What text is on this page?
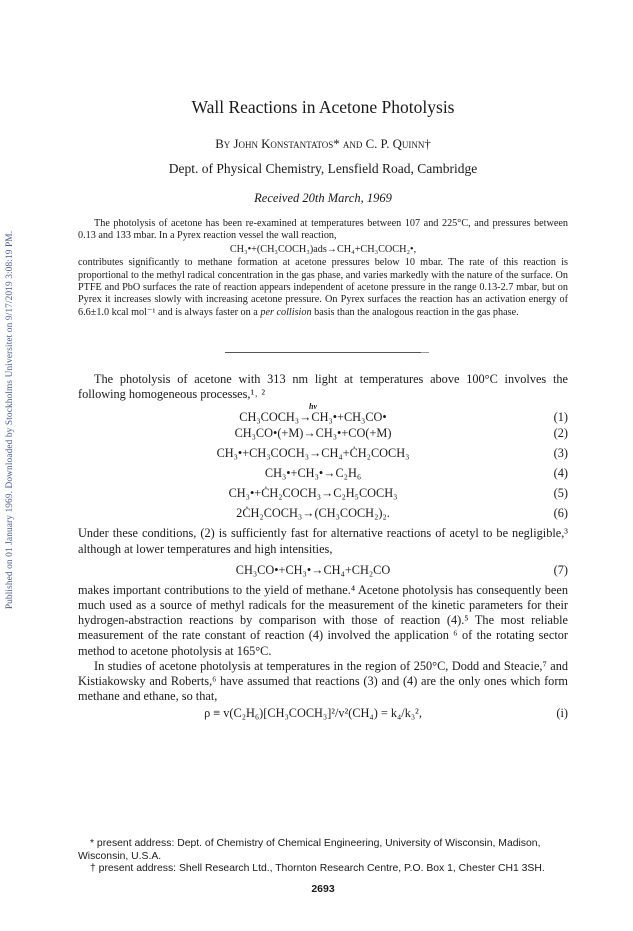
Published on 01 January 1969. Downloaded by Stockholms Universitet on 9/17/2019 3:08:19 PM.
Wall Reactions in Acetone Photolysis
By John Konstantatos* and C. P. Quinn†
Dept. of Physical Chemistry, Lensfield Road, Cambridge
Received 20th March, 1969

The photolysis of acetone has been re-examined at temperatures between 107 and 225°C, and pressures between 0.13 and 133 mbar. In a Pyrex reaction vessel the wall reaction,

CH₃•+(CH₃COCH₃)ads→CH₄+CH₃COCH₂•,

contributes significantly to methane formation at acetone pressures below 10 mbar. The rate of this reaction is proportional to the methyl radical concentration in the gas phase, and varies markedly with the nature of the surface. On PTFE and PbO surfaces the rate of reaction appears independent of acetone pressure in the range 0.13-2.7 mbar, but on Pyrex it increases slowly with increasing acetone pressure. On Pyrex surfaces the reaction has an activation energy of 6.6±1.0 kcal mol⁻¹ and is always faster on a per collision basis than the analogous reaction in the gas phase.

The photolysis of acetone with 313 nm light at temperatures above 100°C involves the following homogeneous processes,¹˒ ²

hν
CH₃COCH₃→CH₃•+CH₃CO•	(1)
CH₃CO•(+M)→CH₃•+CO(+M)	(2)
CH₃•+CH₃COCH₃→CH₄+ĊH₂COCH₃	(3)
CH₃•+CH₃•→C₂H₆	(4)
CH₃•+ĊH₂COCH₃→C₂H₅COCH₃	(5)
2ĊH₂COCH₃→(CH₃COCH₂)₂.	(6)

Under these conditions, (2) is sufficiently fast for alternative reactions of acetyl to be negligible,³ although at lower temperatures and high intensities,

CH₃CO•+CH₃•→CH₄+CH₂CO	(7)

makes important contributions to the yield of methane.⁴ Acetone photolysis has consequently been much used as a source of methyl radicals for the measurement of the kinetic parameters for their hydrogen-abstraction reactions by comparison with those of reaction (4).⁵ The most reliable measurement of the rate constant of reaction (4) involved the application ⁶ of the rotating sector method to acetone photolysis at 165°C.

In studies of acetone photolysis at temperatures in the region of 250°C, Dodd and Steacie,⁷ and Kistiakowsky and Roberts,⁶ have assumed that reactions (3) and (4) are the only ones which form methane and ethane, so that,

ρ ≡ v(C₂H₆)[CH₃COCH₃]²/v²(CH₄) = k₄/k₃²,	(i)

* present address: Dept. of Chemistry of Chemical Engineering, University of Wisconsin, Madison, Wisconsin, U.S.A.

† present address: Shell Research Ltd., Thornton Research Centre, P.O. Box 1, Chester CH1 3SH.

2693
